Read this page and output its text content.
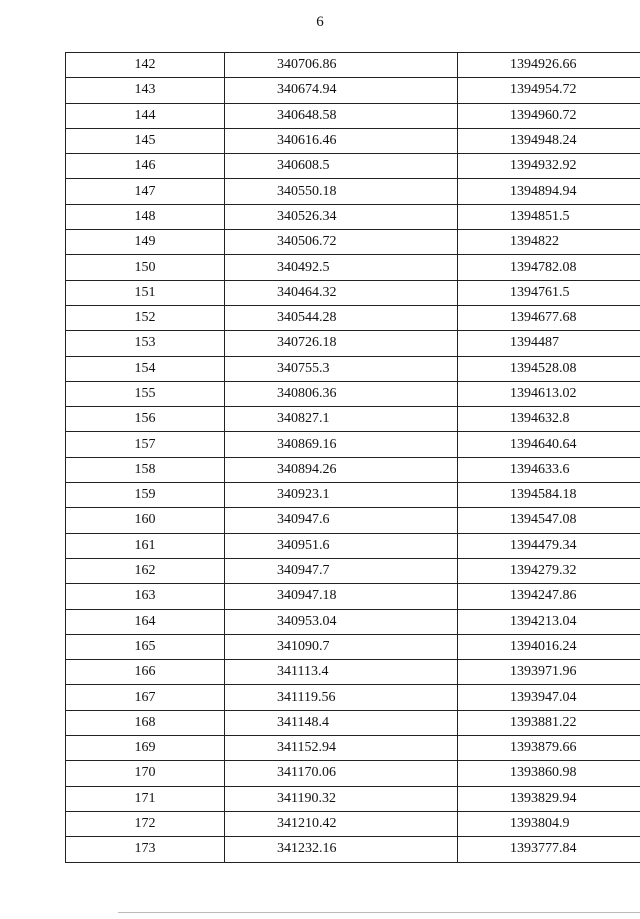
6
142	340706.86	1394926.66
143	340674.94	1394954.72
144	340648.58	1394960.72
145	340616.46	1394948.24
146	340608.5	1394932.92
147	340550.18	1394894.94
148	340526.34	1394851.5
149	340506.72	1394822
150	340492.5	1394782.08
151	340464.32	1394761.5
152	340544.28	1394677.68
153	340726.18	1394487
154	340755.3	1394528.08
155	340806.36	1394613.02
156	340827.1	1394632.8
157	340869.16	1394640.64
158	340894.26	1394633.6
159	340923.1	1394584.18
160	340947.6	1394547.08
161	340951.6	1394479.34
162	340947.7	1394279.32
163	340947.18	1394247.86
164	340953.04	1394213.04
165	341090.7	1394016.24
166	341113.4	1393971.96
167	341119.56	1393947.04
168	341148.4	1393881.22
169	341152.94	1393879.66
170	341170.06	1393860.98
171	341190.32	1393829.94
172	341210.42	1393804.9
173	341232.16	1393777.84
